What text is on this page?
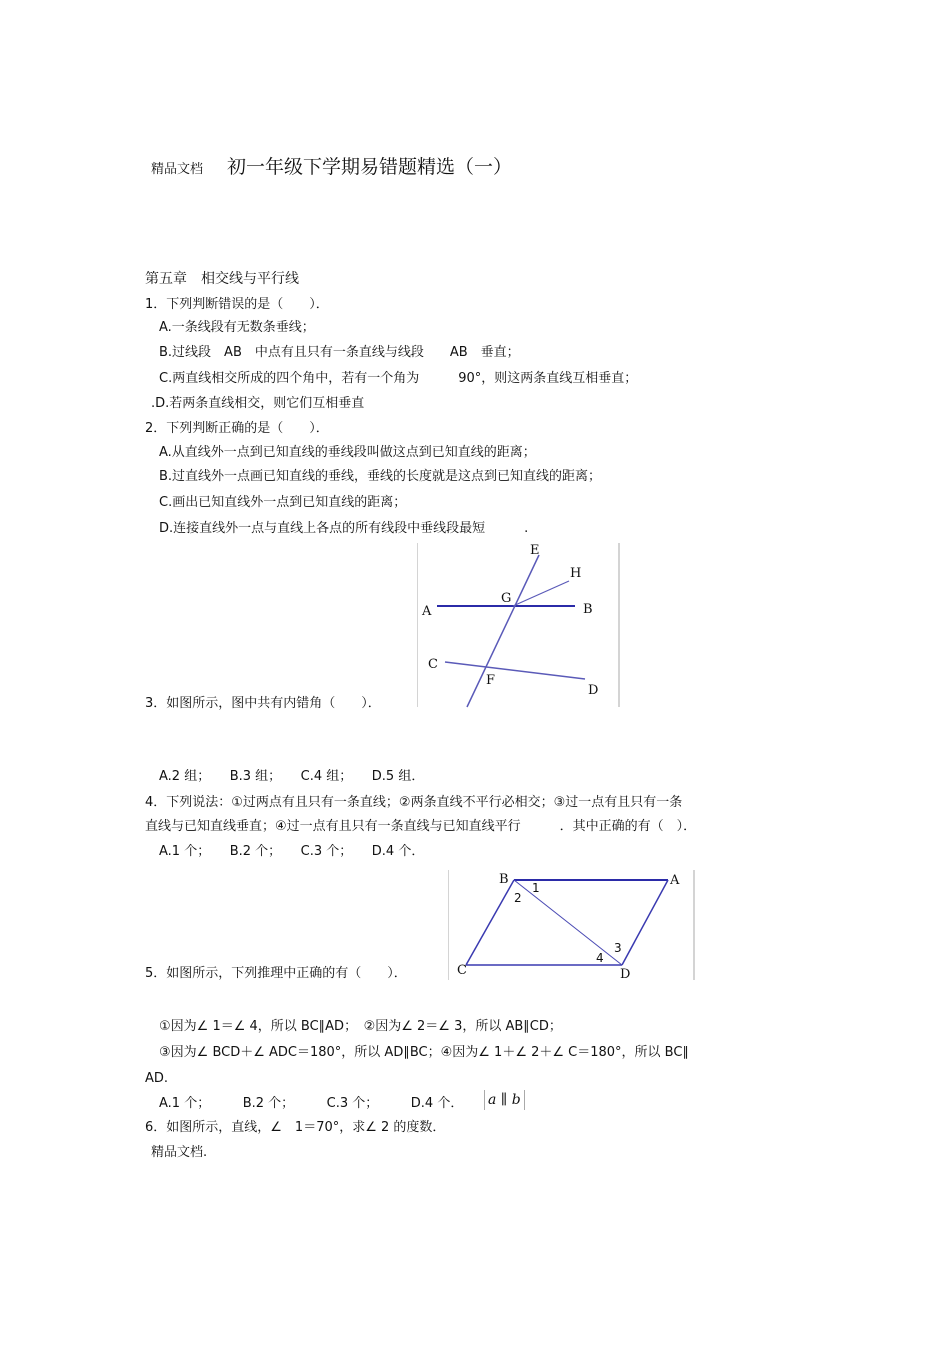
精品文档 初一年级下学期易错题精选（一）
第五章　相交线与平行线
1．下列判断错误的是（　　）．
A.一条线段有无数条垂线；
B.过线段　AB　中点有且只有一条直线与线段　　AB　垂直；
C.两直线相交所成的四个角中，若有一个角为　　　90°，则这两条直线互相垂直；
.D.若两条直线相交，则它们互相垂直
2．下列判断正确的是（　　）．
A.从直线外一点到已知直线的垂线段叫做这点到已知直线的距离；
B.过直线外一点画已知直线的垂线，垂线的长度就是这点到已知直线的距离；
C.画出已知直线外一点到已知直线的距离；
D.连接直线外一点与直线上各点的所有线段中垂线段最短　　　.
A	B
C
D
E
F
G
H
3．如图所示，图中共有内错角（　　）．
A.2 组；　　B.3 组；　　C.4 组；　　D.5 组．
4．下列说法：①过两点有且只有一条直线；②两条直线不平行必相交；③过一点有且只有一条
直线与已知直线垂直；④过一点有且只有一条直线与已知直线平行　　　．其中正确的有（　）．
A.1 个；　　B.2 个；　　C.3 个；　　D.4 个．
B	A
C	D
1
2
3
4
5．如图所示，下列推理中正确的有（　　）．
①因为∠ 1＝∠ 4，所以 BC∥AD；　②因为∠ 2＝∠ 3，所以 AB∥CD；
③因为∠ BCD＋∠ ADC＝180°，所以 AD∥BC；④因为∠ 1＋∠ 2＋∠ C＝180°，所以 BC∥
AD.
A.1 个；　　　B.2 个；　　　C.3 个；　　　D.4 个． a ∥ b
6．如图所示，直线，∠　1＝70°，求∠ 2 的度数．
精品文档.
